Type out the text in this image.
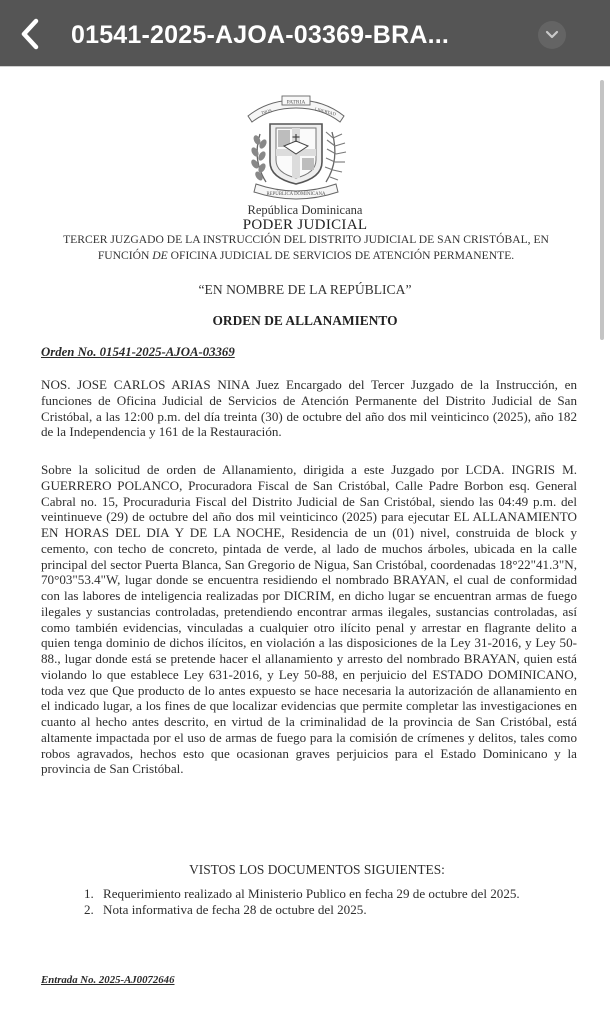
01541-2025-AJOA-03369-BRA...
PATRIA
DIOS	LIBERTAD
REPÚBLICA DOMINICANA
República Dominicana
PODER JUDICIAL
TERCER JUZGADO DE LA INSTRUCCIÓN DEL DISTRITO JUDICIAL DE SAN CRISTÓBAL, EN
FUNCIÓN DE OFICINA JUDICIAL DE SERVICIOS DE ATENCIÓN PERMANENTE.
“EN NOMBRE DE LA REPÚBLICA”
ORDEN DE ALLANAMIENTO
Orden No. 01541-2025-AJOA-03369

NOS. JOSE CARLOS ARIAS NINA Juez Encargado del Tercer Juzgado de la Instrucción, en funciones de Oficina Judicial de Servicios de Atención Permanente del Distrito Judicial de San Cristóbal, a las 12:00 p.m. del día treinta (30) de octubre del año dos mil veinticinco (2025), año 182 de la Independencia y 161 de la Restauración.

Sobre la solicitud de orden de Allanamiento, dirigida a este Juzgado por LCDA. INGRIS M. GUERRERO POLANCO, Procuradora Fiscal de San Cristóbal, Calle Padre Borbon esq. General Cabral no. 15, Procuraduria Fiscal del Distrito Judicial de San Cristóbal, siendo las 04:49 p.m. del veintinueve (29) de octubre del año dos mil veinticinco (2025) para ejecutar EL ALLANAMIENTO EN HORAS DEL DIA Y DE LA NOCHE, Residencia de un (01) nivel, construida de block y cemento, con techo de concreto, pintada de verde, al lado de muchos árboles, ubicada en la calle principal del sector Puerta Blanca, San Gregorio de Nigua, San Cristóbal, coordenadas 18°22"41.3"N, 70°03"53.4"W, lugar donde se encuentra residiendo el nombrado BRAYAN, el cual de conformidad con las labores de inteligencia realizadas por DICRIM, en dicho lugar se encuentran armas de fuego ilegales y sustancias controladas, pretendiendo encontrar armas ilegales, sustancias controladas, así como también evidencias, vinculadas a cualquier otro ilícito penal y arrestar en flagrante delito a quien tenga dominio de dichos ilícitos, en violación a las disposiciones de la Ley 31-2016, y Ley 50-88., lugar donde está se pretende hacer el allanamiento y arresto del nombrado BRAYAN, quien está violando lo que establece Ley 631-2016, y Ley 50-88, en perjuicio del ESTADO DOMINICANO, toda vez que Que producto de lo antes expuesto se hace necesaria la autorización de allanamiento en el indicado lugar, a los fines de que localizar evidencias que permite completar las investigaciones en cuanto al hecho antes descrito, en virtud de la criminalidad de la provincia de San Cristóbal, está altamente impactada por el uso de armas de fuego para la comisión de crímenes y delitos, tales como robos agravados, hechos esto que ocasionan graves perjuicios para el Estado Dominicano y la provincia de San Cristóbal.

VISTOS LOS DOCUMENTOS SIGUIENTES:
1. Requerimiento realizado al Ministerio Publico en fecha 29 de octubre del 2025.
2. Nota informativa de fecha 28 de octubre del 2025.
Entrada No. 2025-AJ0072646
